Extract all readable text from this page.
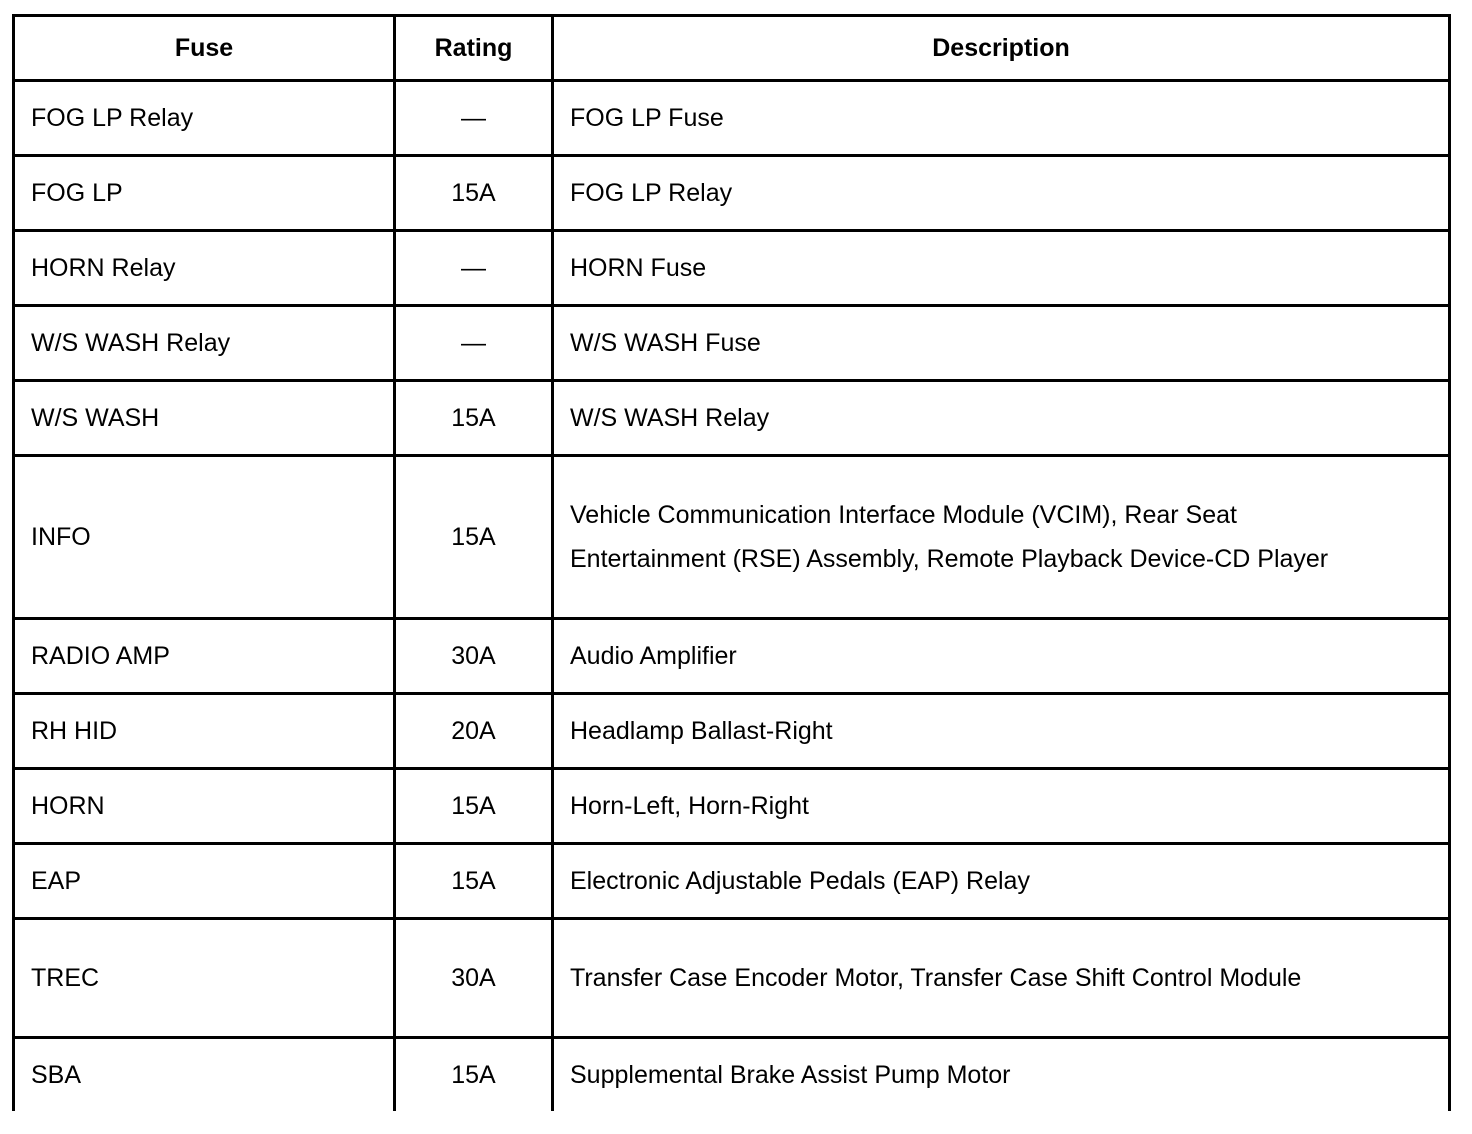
Fuse	Rating	Description
FOG LP Relay	—	FOG LP Fuse
FOG LP	15A	FOG LP Relay
HORN Relay	—	HORN Fuse
W/S WASH Relay	—	W/S WASH Fuse
W/S WASH	15A	W/S WASH Relay
INFO	15A	Vehicle Communication Interface Module (VCIM), Rear Seat Entertainment (RSE) Assembly, Remote Playback Device-CD Player
RADIO AMP	30A	Audio Amplifier
RH HID	20A	Headlamp Ballast-Right
HORN	15A	Horn-Left, Horn-Right
EAP	15A	Electronic Adjustable Pedals (EAP) Relay
TREC	30A	Transfer Case Encoder Motor, Transfer Case Shift Control Module
SBA	15A	Supplemental Brake Assist Pump Motor
